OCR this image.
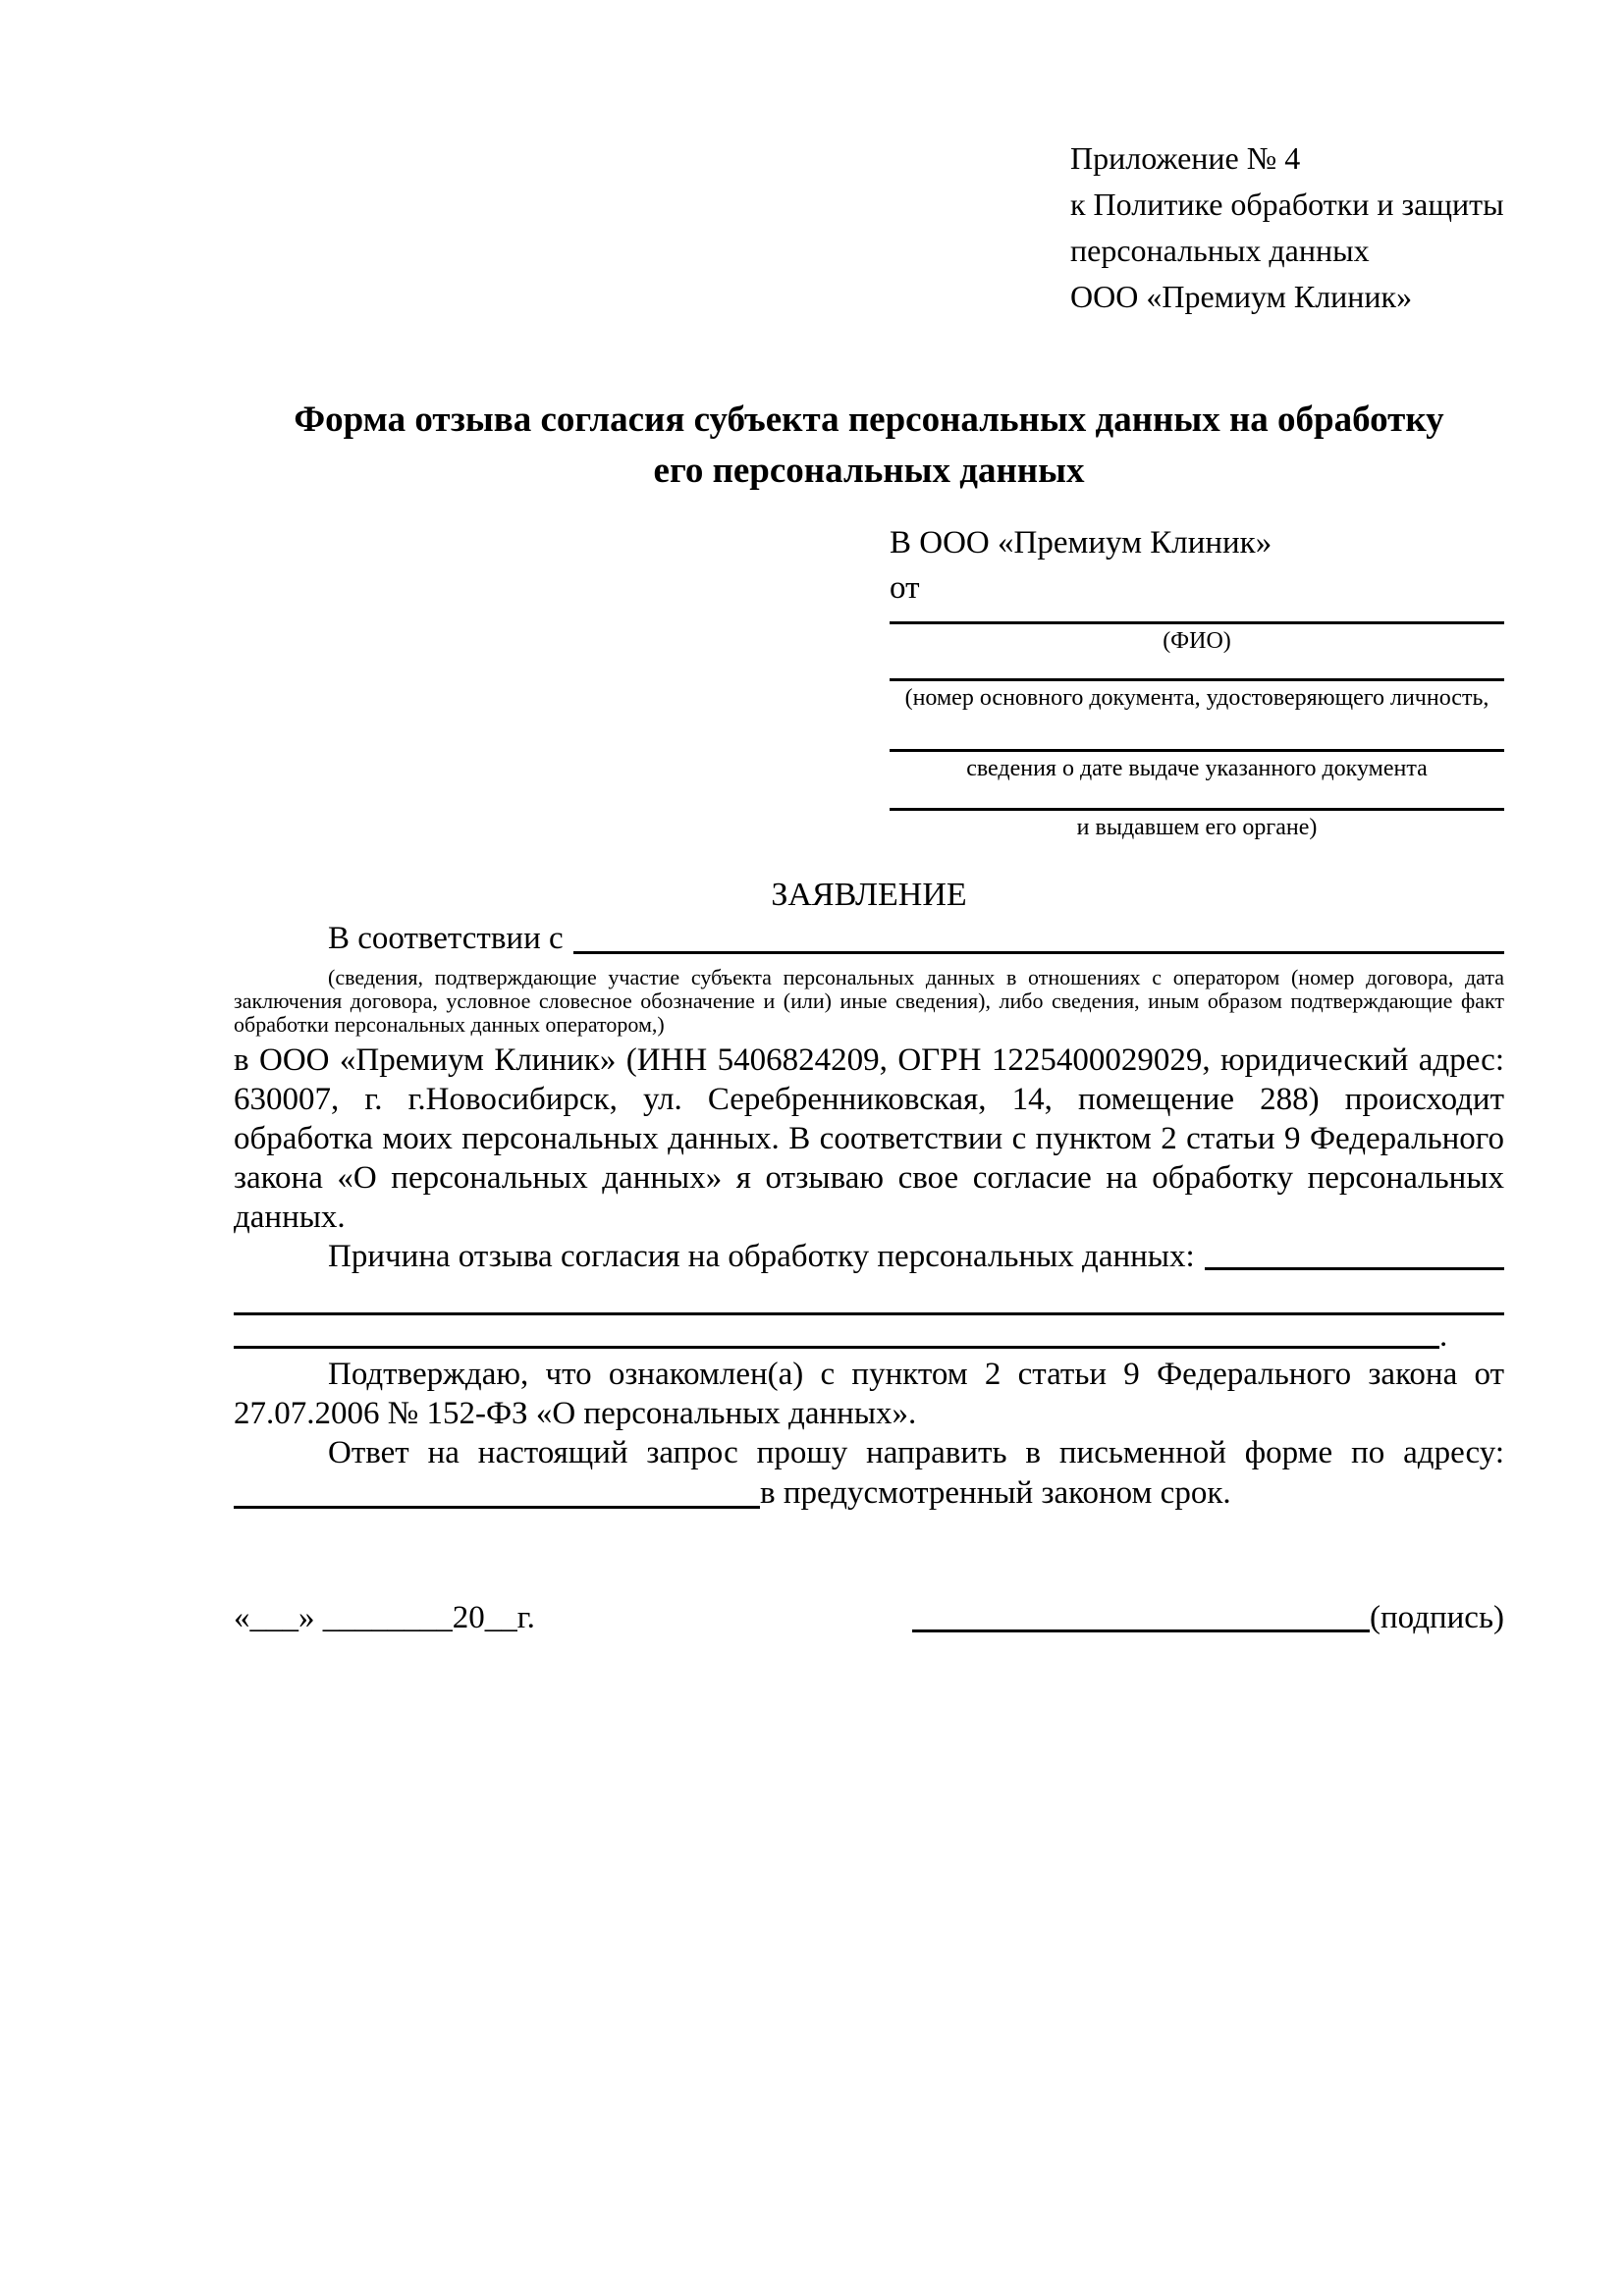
Приложение № 4
к Политике обработки и защиты
персональных данных
ООО «Премиум Клиник»
Форма отзыва согласия субъекта персональных данных на обработку его персональных данных
В ООО «Премиум Клиник»
от
(ФИО)
(номер основного документа, удостоверяющего личность,
сведения о дате выдаче указанного документа
и выдавшем его органе)
ЗАЯВЛЕНИЕ
В соответствии с
(сведения, подтверждающие участие субъекта персональных данных в отношениях с оператором (номер договора, дата заключения договора, условное словесное обозначение и (или) иные сведения), либо сведения, иным образом подтверждающие факт обработки персональных данных оператором,)
в ООО «Премиум Клиник» (ИНН 5406824209, ОГРН 1225400029029, юридический адрес: 630007, г. г.Новосибирск, ул. Серебренниковская, 14, помещение 288) происходит обработка моих персональных данных. В соответствии с пунктом 2 статьи 9 Федерального закона «О персональных данных» я отзываю свое согласие на обработку персональных данных.
Причина отзыва согласия на обработку персональных данных:
.
Подтверждаю, что ознакомлен(а) с пунктом 2 статьи 9 Федерального закона от 27.07.2006 № 152-ФЗ «О персональных данных».
Ответ на настоящий запрос прошу направить в письменной форме по адресу:
в предусмотренный законом срок.
«___» ________20__г.	(подпись)
